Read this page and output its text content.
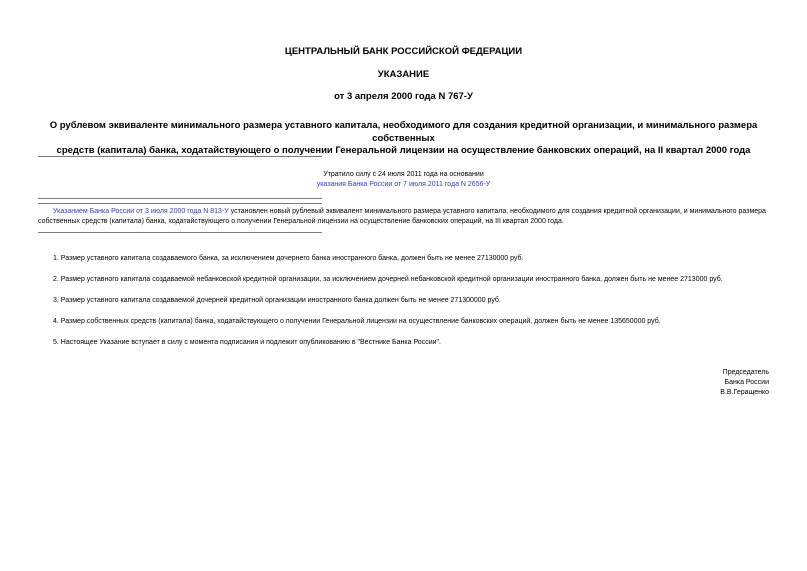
ЦЕНТРАЛЬНЫЙ БАНК РОССИЙСКОЙ ФЕДЕРАЦИИ
УКАЗАНИЕ
от 3 апреля 2000 года N 767-У
О рублевом эквиваленте минимального размера уставного капитала, необходимого для создания кредитной организации, и минимального размера собственных
средств (капитала) банка, ходатайствующего о получении Генеральной лицензии на осуществление банковских операций, на II квартал 2000 года
Утратило силу с 24 июля 2011 года на основании
указания Банка России от 7 июля 2011 года N 2656-У
Указанием Банка России от 3 июля 2000 года N 813-У установлен новый рублевый эквивалент минимального размера уставного капитала, необходимого для создания кредитной организации, и минимального размера собственных средств (капитала) банка, ходатайствующего о получении Генеральной лицензии на осуществление банковских операций, на III квартал 2000 года.
1. Размер уставного капитала создаваемого банка, за исключением дочернего банка иностранного банка, должен быть не менее 27130000 руб.
2. Размер уставного капитала создаваемой небанковской кредитной организации, за исключением дочерней небанковской кредитной организации иностранного банка, должен быть не менее 2713000 руб.
3. Размер уставного капитала создаваемой дочерней кредитной организации иностранного банка должен быть не менее 271300000 руб.
4. Размер собственных средств (капитала) банка, ходатайствующего о получении Генеральной лицензии на осуществление банковских операций, должен быть не менее 135650000 руб.
5. Настоящее Указание вступает в силу с момента подписания и подлежит опубликованию в "Вестнике Банка России".
Председатель
Банка России
В.В.Геращенко
